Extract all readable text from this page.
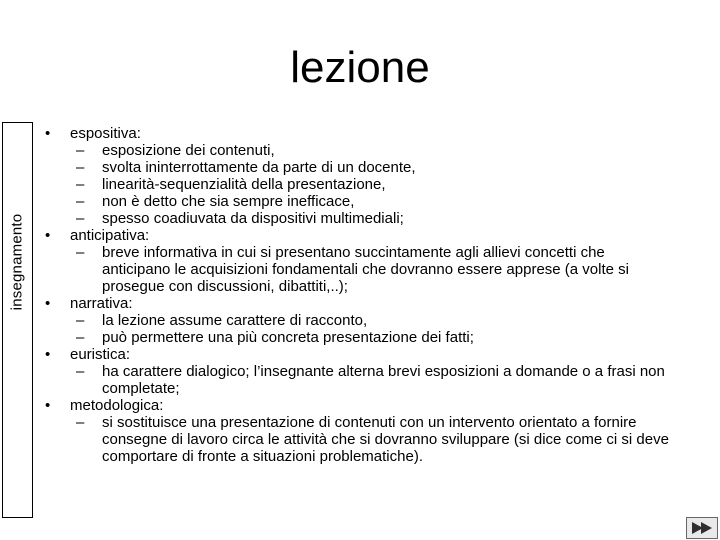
lezione
insegnamento
• espositiva:
– esposizione dei contenuti,
– svolta ininterrottamente da parte di un docente,
– linearità-sequenzialità della presentazione,
– non è detto che sia sempre inefficace,
– spesso coadiuvata da dispositivi multimediali;
• anticipativa:
– breve informativa in cui si presentano succintamente agli allievi concetti che anticipano le acquisizioni fondamentali che dovranno essere apprese (a volte si prosegue con discussioni, dibattiti,..);
• narrativa:
– la lezione assume carattere di racconto,
– può permettere una più concreta presentazione dei fatti;
• euristica:
– ha carattere dialogico; l’insegnante alterna brevi esposizioni a domande o a frasi non completate;
• metodologica:
– si sostituisce una presentazione di contenuti con un intervento orientato a fornire consegne di lavoro circa le attività che si dovranno sviluppare (si dice come ci si deve comportare di fronte a situazioni problematiche).
